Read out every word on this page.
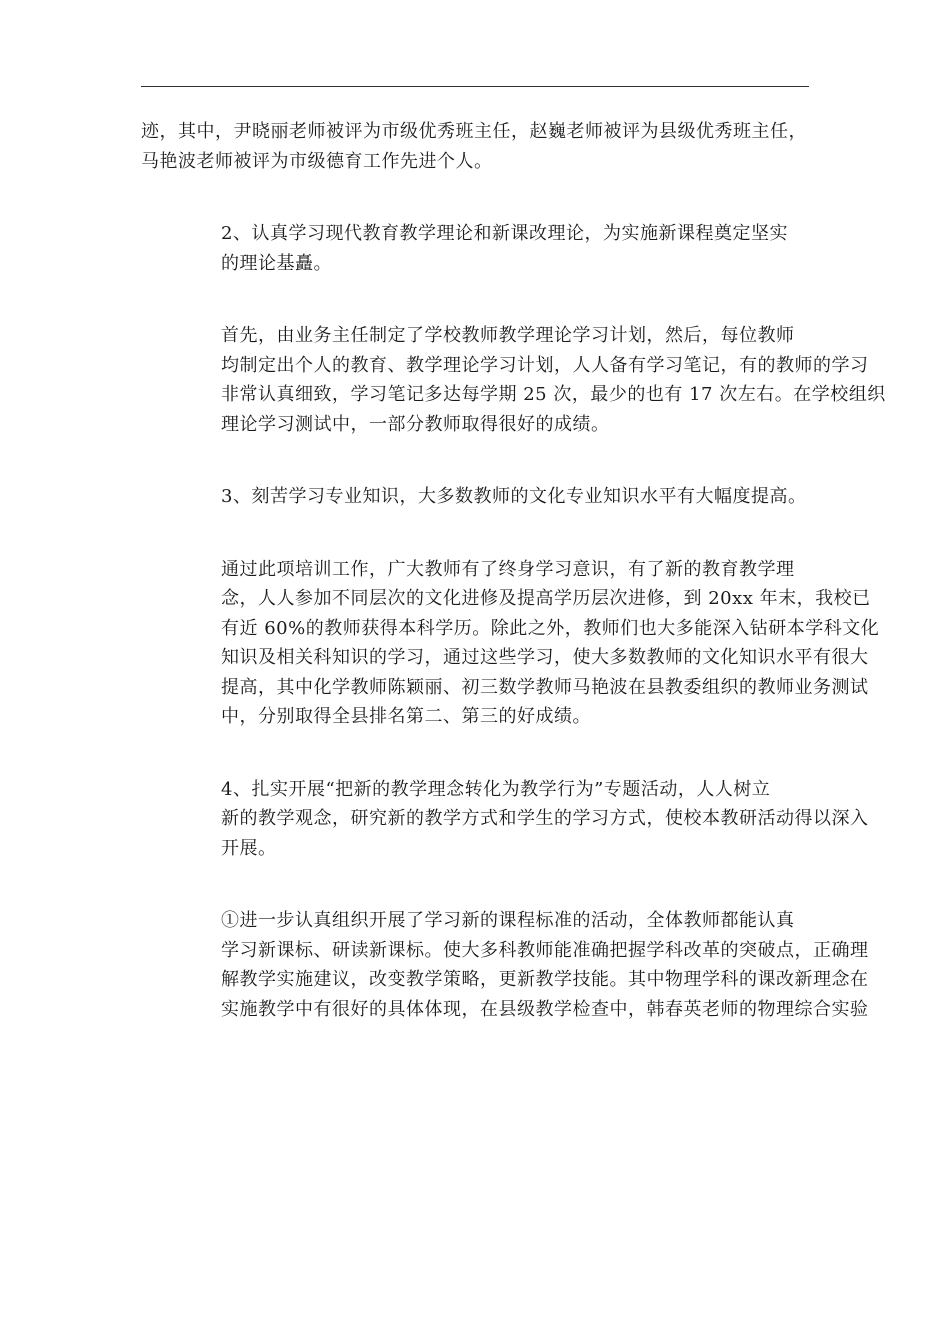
迹，其中，尹晓丽老师被评为市级优秀班主任，赵巍老师被评为县级优秀班主任，
马艳波老师被评为市级德育工作先进个人。

2、认真学习现代教育教学理论和新课改理论，为实施新课程奠定坚实
的理论基矗。

首先，由业务主任制定了学校教师教学理论学习计划，然后，每位教师
均制定出个人的教育、教学理论学习计划，人人备有学习笔记，有的教师的学习
非常认真细致，学习笔记多达每学期 25 次，最少的也有 17 次左右。在学校组织
理论学习测试中，一部分教师取得很好的成绩。

3、刻苦学习专业知识，大多数教师的文化专业知识水平有大幅度提高。

通过此项培训工作，广大教师有了终身学习意识，有了新的教育教学理
念，人人参加不同层次的文化进修及提高学历层次进修，到 20xx 年末，我校已
有近 60%的教师获得本科学历。除此之外，教师们也大多能深入钻研本学科文化
知识及相关科知识的学习，通过这些学习，使大多数教师的文化知识水平有很大
提高，其中化学教师陈颖丽、初三数学教师马艳波在县教委组织的教师业务测试
中，分别取得全县排名第二、第三的好成绩。

4、扎实开展“把新的教学理念转化为教学行为”专题活动，人人树立
新的教学观念，研究新的教学方式和学生的学习方式，使校本教研活动得以深入
开展。

①进一步认真组织开展了学习新的课程标准的活动，全体教师都能认真
学习新课标、研读新课标。使大多科教师能准确把握学科改革的突破点，正确理
解教学实施建议，改变教学策略，更新教学技能。其中物理学科的课改新理念在
实施教学中有很好的具体体现，在县级教学检查中，韩春英老师的物理综合实验
